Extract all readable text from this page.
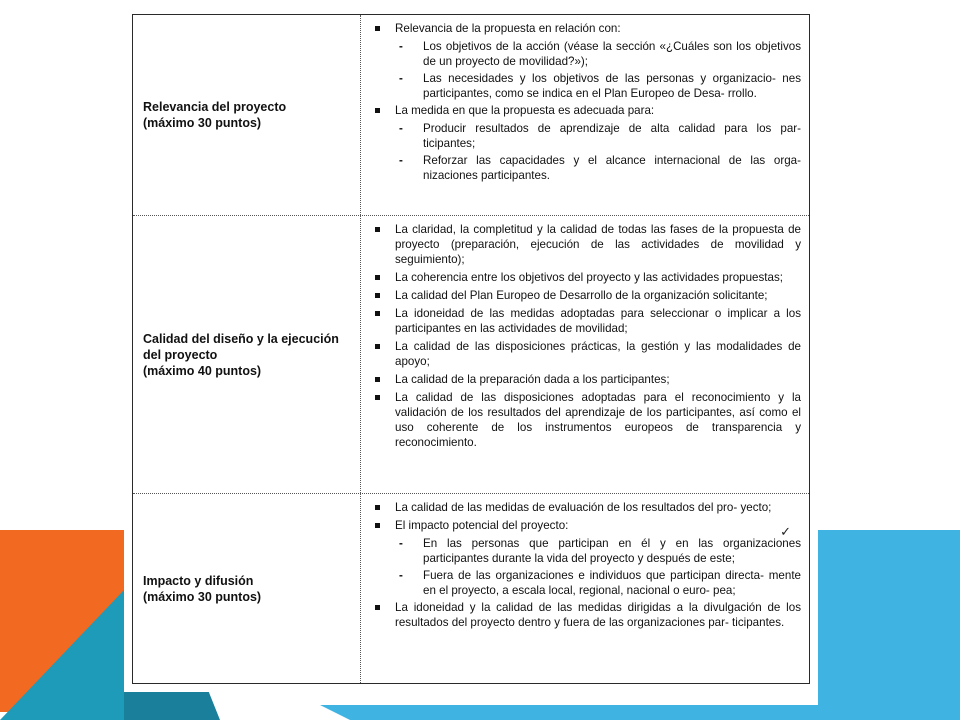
Relevancia del proyecto
(máximo 30 puntos)
Relevancia de la propuesta en relación con:
- Los objetivos de la acción (véase la sección «¿Cuáles son los objetivos de un proyecto de movilidad?»);
- Las necesidades y los objetivos de las personas y organizacio- nes participantes, como se indica en el Plan Europeo de Desa- rrollo.
La medida en que la propuesta es adecuada para:
- Producir resultados de aprendizaje de alta calidad para los par- ticipantes;
- Reforzar las capacidades y el alcance internacional de las orga- nizaciones participantes.
Calidad del diseño y la ejecución
del proyecto
(máximo 40 puntos)
La claridad, la completitud y la calidad de todas las fases de la propuesta de proyecto (preparación, ejecución de las actividades de movilidad y seguimiento);
La coherencia entre los objetivos del proyecto y las actividades propuestas;
La calidad del Plan Europeo de Desarrollo de la organización solicitante;
La idoneidad de las medidas adoptadas para seleccionar o implicar a los participantes en las actividades de movilidad;
La calidad de las disposiciones prácticas, la gestión y las modalidades de apoyo;
La calidad de la preparación dada a los participantes;
La calidad de las disposiciones adoptadas para el reconocimiento y la validación de los resultados del aprendizaje de los participantes, así como el uso coherente de los instrumentos europeos de transparencia y reconocimiento.
Impacto y difusión
(máximo 30 puntos)
La calidad de las medidas de evaluación de los resultados del pro- yecto;
El impacto potencial del proyecto:
- En las personas que participan en él y en las organizaciones participantes durante la vida del proyecto y después de este;
- Fuera de las organizaciones e individuos que participan directa- mente en el proyecto, a escala local, regional, nacional o euro- pea;
La idoneidad y la calidad de las medidas dirigidas a la divulgación de los resultados del proyecto dentro y fuera de las organizaciones par- ticipantes.
✓
